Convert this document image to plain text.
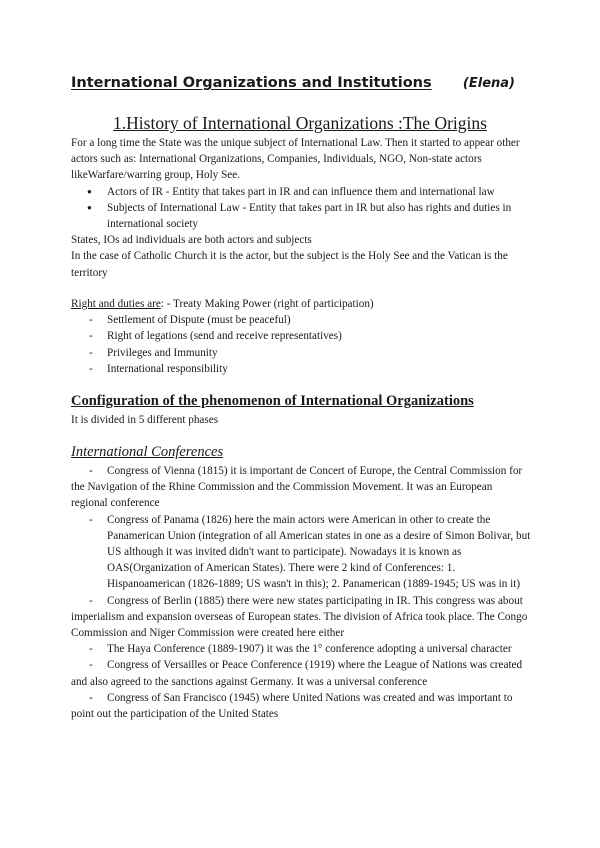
International Organizations and Institutions (Elena)
1.History of International Organizations :The Origins

For a long time the State was the unique subject of International Law. Then it started to appear other actors such as: International Organizations, Companies, Individuals, NGO, Non-state actors likeWarfare/warring group, Holy See.

● Actors of IR - Entity that takes part in IR and can influence them and international law
● Subjects of International Law - Entity that takes part in IR but also has rights and duties in international society

States, IOs ad individuals are both actors and subjects

In the case of Catholic Church it is the actor, but the subject is the Holy See and the Vatican is the territory

Right and duties are: - Treaty Making Power (right of participation)

- Settlement of Dispute (must be peaceful)
- Right of legations (send and receive representatives)
- Privileges and Immunity
- International responsibility
Configuration of the phenomenon of International Organizations
It is divided in 5 different phases
International Conferences

- Congress of Vienna (1815) it is important de Concert of Europe, the Central Commission for the Navigation of the Rhine Commission and the Commission Movement. It was an European regional conference

- Congress of Panama (1826) here the main actors were American in other to create the Panamerican Union (integration of all American states in one as a desire of Simon Bolivar, but US although it was invited didn't want to participate). Nowadays it is known as OAS(Organization of American States). There were 2 kind of Conferences: 1. Hispanoamerican (1826-1889; US wasn't in this); 2. Panamerican (1889-1945; US was in it)

- Congress of Berlin (1885) there were new states participating in IR. This congress was about imperialism and expansion overseas of European states. The division of Africa took place. The Congo Commission and Niger Commission were created here either

- The Haya Conference (1889-1907) it was the 1° conference adopting a universal character

- Congress of Versailles or Peace Conference (1919) where the League of Nations was created and also agreed to the sanctions against Germany. It was a universal conference

- Congress of San Francisco (1945) where United Nations was created and was important to point out the participation of the United States
